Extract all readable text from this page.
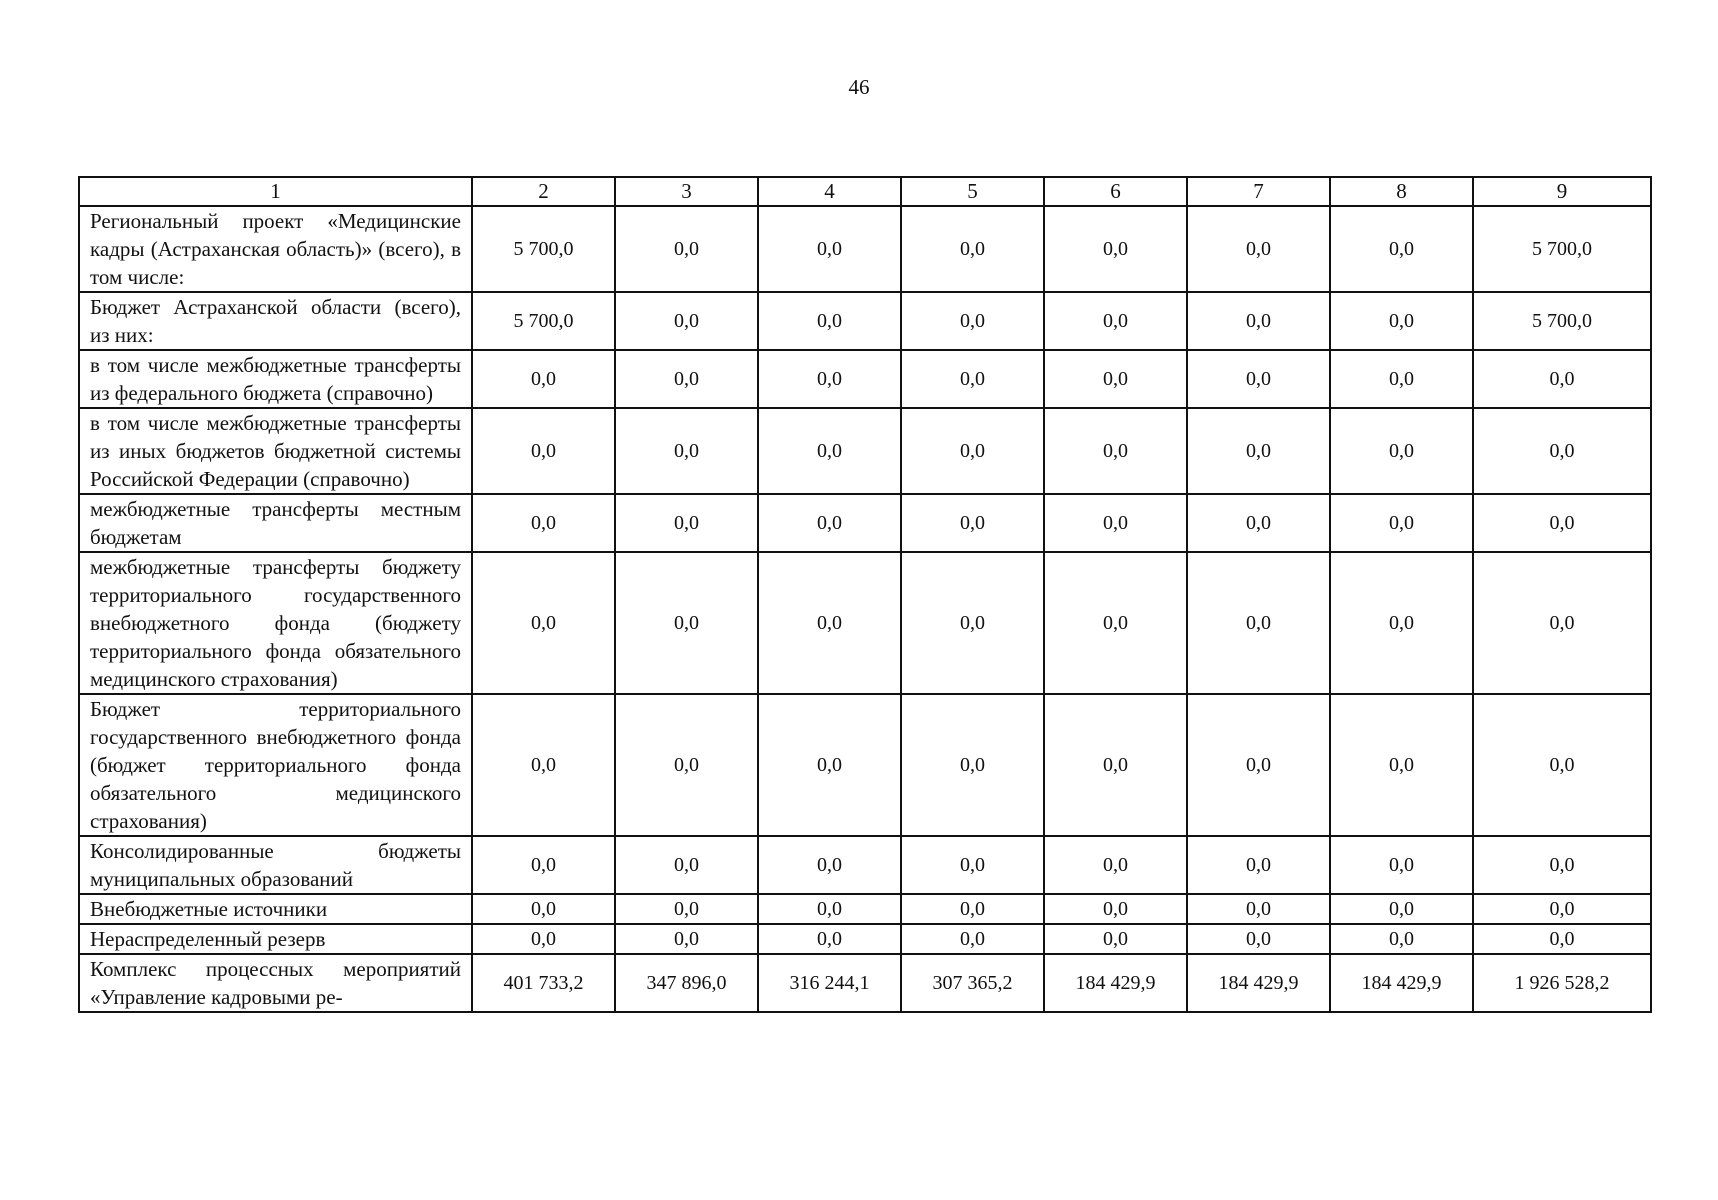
46
1	2	3	4	5	6	7	8	9
Региональный проект «Медицинские кадры (Астраханская область)» (всего), в том числе:	5 700,0	0,0	0,0	0,0	0,0	0,0	0,0	5 700,0
Бюджет Астраханской области (всего), из них:	5 700,0	0,0	0,0	0,0	0,0	0,0	0,0	5 700,0
в том числе межбюджетные трансферты из федерального бюджета (справочно)	0,0	0,0	0,0	0,0	0,0	0,0	0,0	0,0
в том числе межбюджетные трансферты из иных бюджетов бюджетной системы Российской Федерации (справочно)	0,0	0,0	0,0	0,0	0,0	0,0	0,0	0,0
межбюджетные трансферты местным бюджетам	0,0	0,0	0,0	0,0	0,0	0,0	0,0	0,0
межбюджетные трансферты бюджету территориального государственного внебюджетного фонда (бюджету территориального фонда обязательного медицинского страхования)	0,0	0,0	0,0	0,0	0,0	0,0	0,0	0,0
Бюджет территориального государственного внебюджетного фонда (бюджет территориального фонда обязательного медицинского страхования)	0,0	0,0	0,0	0,0	0,0	0,0	0,0	0,0
Консолидированные бюджеты муниципальных образований	0,0	0,0	0,0	0,0	0,0	0,0	0,0	0,0
Внебюджетные источники	0,0	0,0	0,0	0,0	0,0	0,0	0,0	0,0
Нераспределенный резерв	0,0	0,0	0,0	0,0	0,0	0,0	0,0	0,0
Комплекс процессных мероприятий «Управление кадровыми ре-	401 733,2	347 896,0	316 244,1	307 365,2	184 429,9	184 429,9	184 429,9	1 926 528,2
